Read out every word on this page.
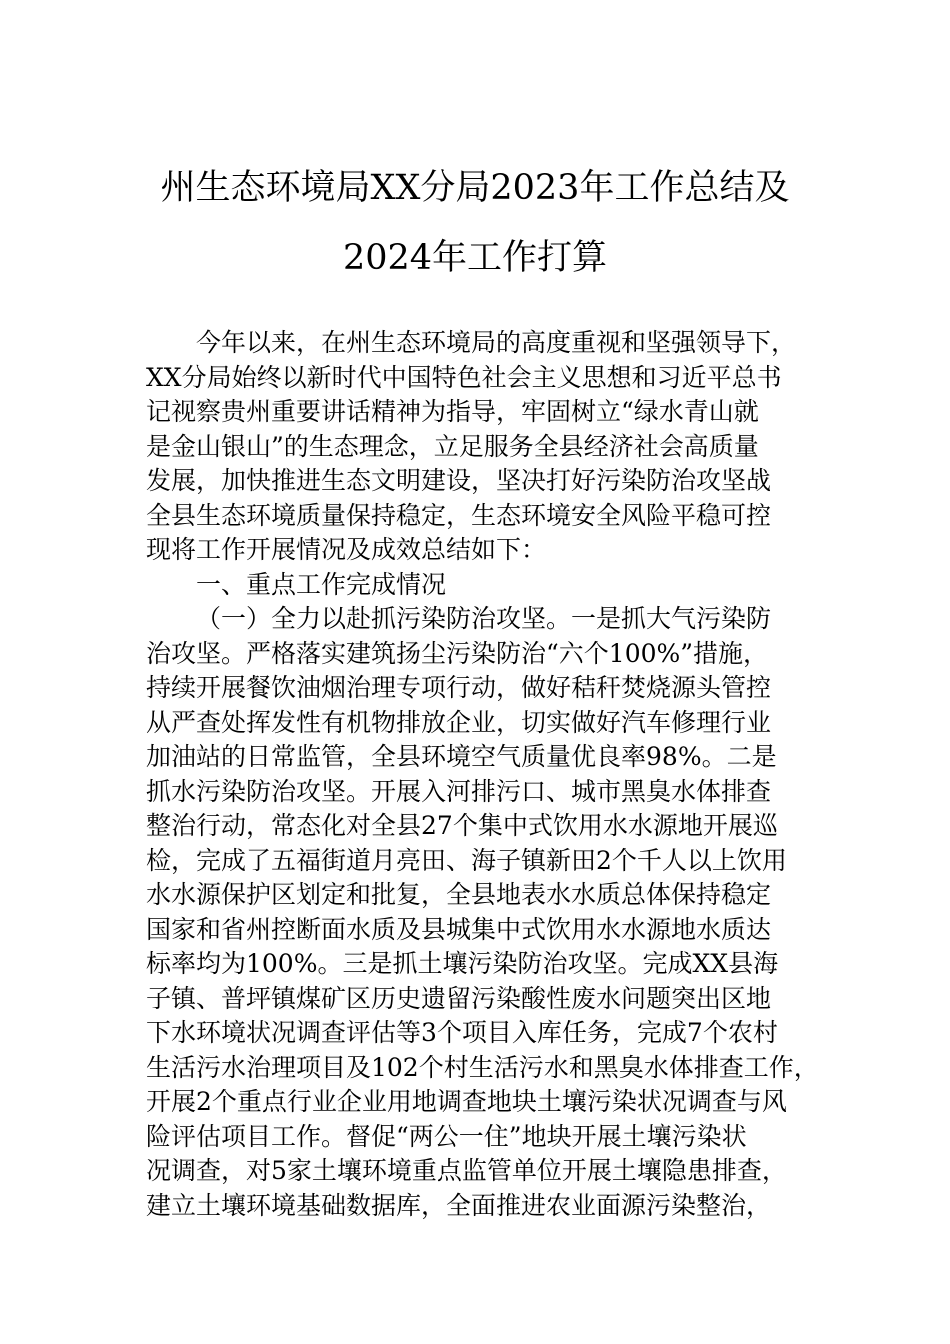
州生态环境局XX分局2023年工作总结及
2024年工作打算
今年以来，在州生态环境局的高度重视和坚强领导下，
XX分局始终以新时代中国特色社会主义思想和习近平总书
记视察贵州重要讲话精神为指导，牢固树立“绿水青山就
是金山银山”的生态理念，立足服务全县经济社会高质量
发展，加快推进生态文明建设，坚决打好污染防治攻坚战
全县生态环境质量保持稳定，生态环境安全风险平稳可控
现将工作开展情况及成效总结如下：
一、重点工作完成情况
（一）全力以赴抓污染防治攻坚。一是抓大气污染防
治攻坚。严格落实建筑扬尘污染防治“六个100%”措施，
持续开展餐饮油烟治理专项行动，做好秸秆焚烧源头管控
从严查处挥发性有机物排放企业，切实做好汽车修理行业
加油站的日常监管，全县环境空气质量优良率98%。二是
抓水污染防治攻坚。开展入河排污口、城市黑臭水体排查
整治行动，常态化对全县27个集中式饮用水水源地开展巡
检，完成了五福街道月亮田、海子镇新田2个千人以上饮用
水水源保护区划定和批复，全县地表水水质总体保持稳定
国家和省州控断面水质及县城集中式饮用水水源地水质达
标率均为100%。三是抓土壤污染防治攻坚。完成XX县海
子镇、普坪镇煤矿区历史遗留污染酸性废水问题突出区地
下水环境状况调查评估等3个项目入库任务，完成7个农村
生活污水治理项目及102个村生活污水和黑臭水体排查工作，
开展2个重点行业企业用地调查地块土壤污染状况调查与风
险评估项目工作。督促“两公一住”地块开展土壤污染状
况调查，对5家土壤环境重点监管单位开展土壤隐患排查，
建立土壤环境基础数据库，全面推进农业面源污染整治，
